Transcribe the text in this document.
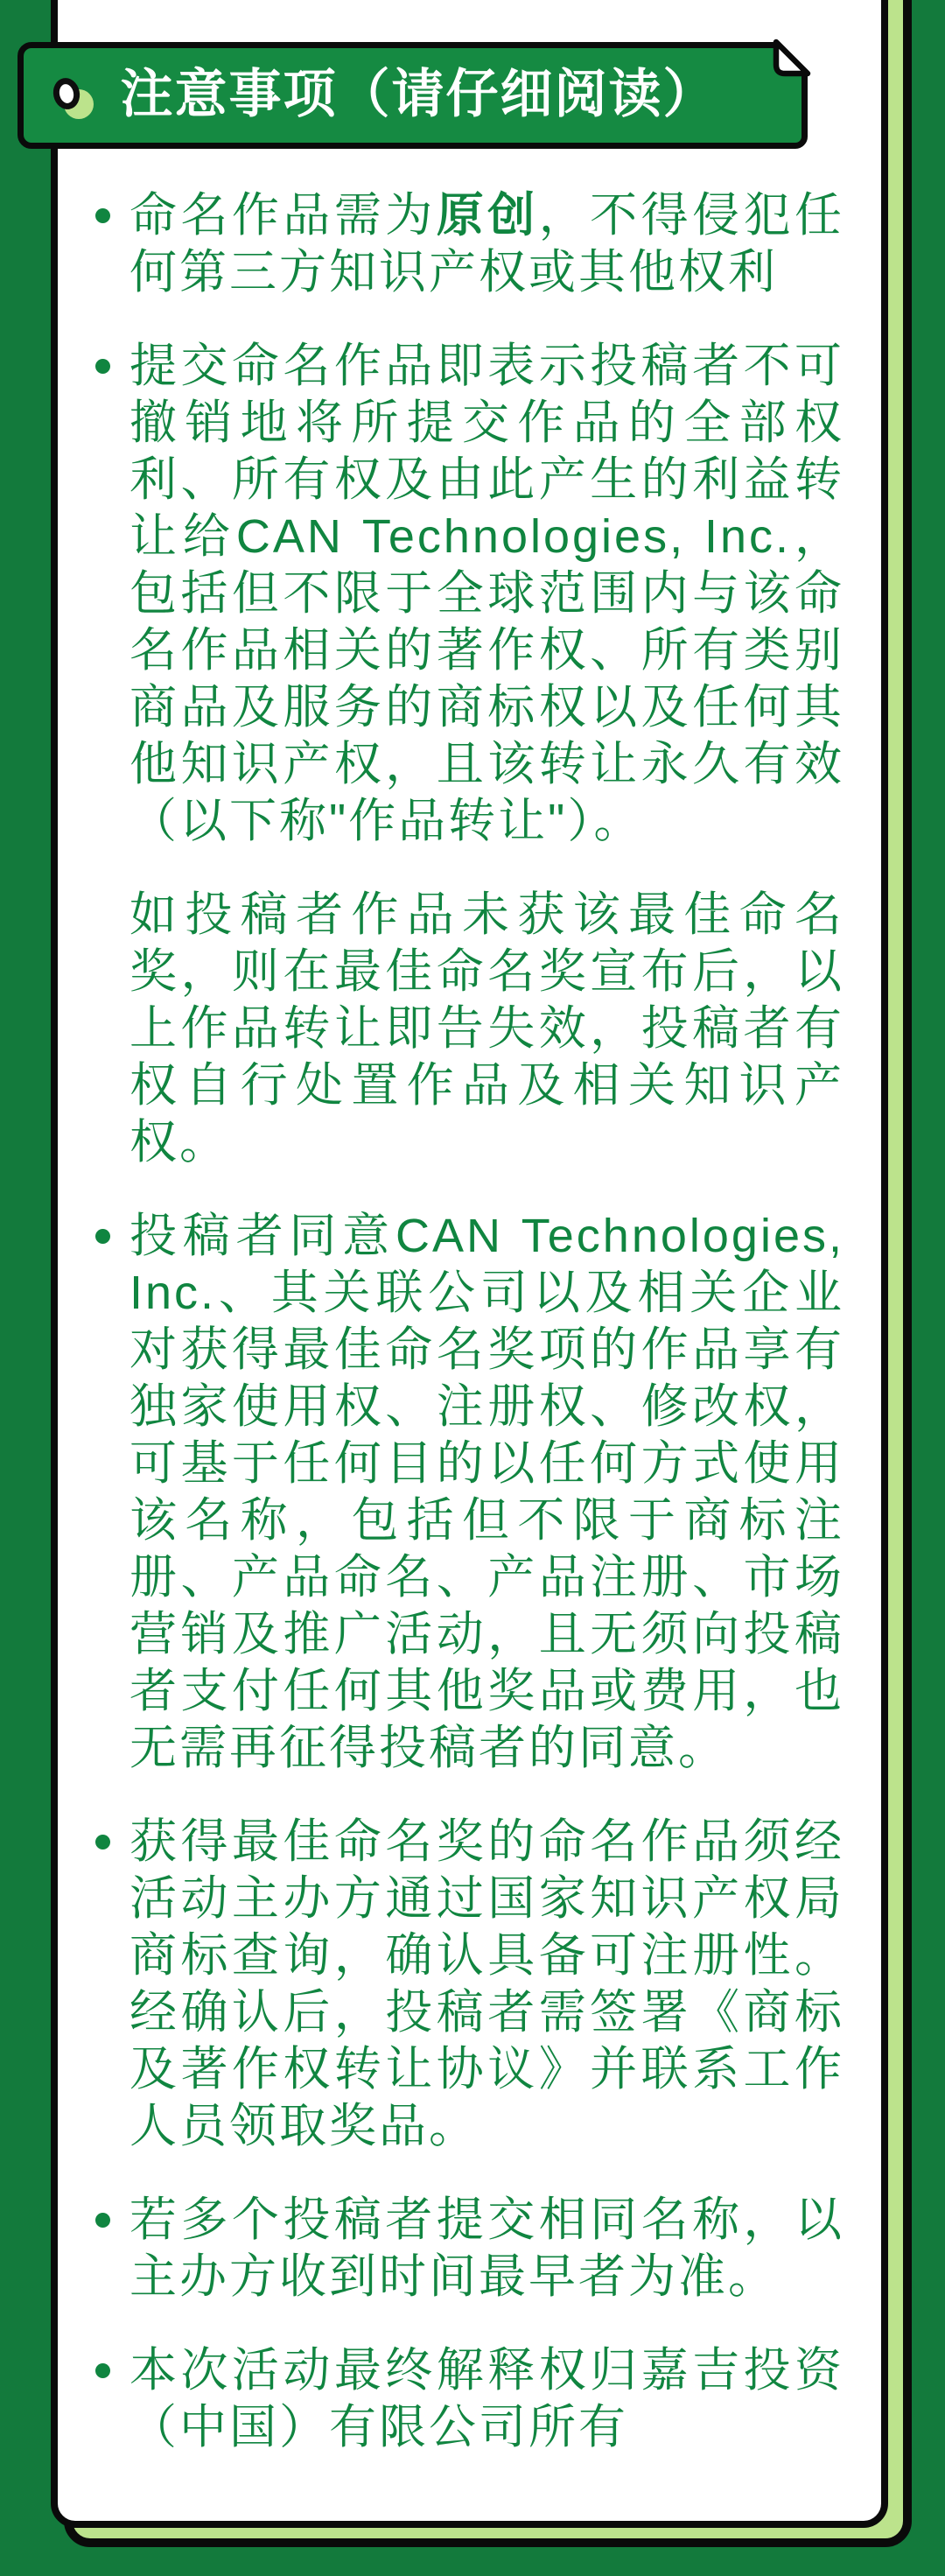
命名作品需为原创，不得侵犯任何第三方知识产权或其他权利
提交命名作品即表示投稿者不可撤销地将所提交作品的全部权利、所有权及由此产生的利益转让给CAN Technologies, Inc.，包括但不限于全球范围内与该命名作品相关的著作权、所有类别商品及服务的商标权以及任何其他知识产权，且该转让永久有效（以下称"作品转让"）。
如投稿者作品未获该最佳命名奖，则在最佳命名奖宣布后，以上作品转让即告失效，投稿者有权自行处置作品及相关知识产权。
投稿者同意CAN Technologies, Inc.、其关联公司以及相关企业对获得最佳命名奖项的作品享有独家使用权、注册权、修改权，可基于任何目的以任何方式使用该名称，包括但不限于商标注册、产品命名、产品注册、市场营销及推广活动，且无须向投稿者支付任何其他奖品或费用，也无需再征得投稿者的同意。
获得最佳命名奖的命名作品须经活动主办方通过国家知识产权局商标查询，确认具备可注册性。经确认后，投稿者需签署《商标及著作权转让协议》并联系工作人员领取奖品。
若多个投稿者提交相同名称，以主办方收到时间最早者为准。
本次活动最终解释权归嘉吉投资（中国）有限公司所有
注意事项（请仔细阅读）
